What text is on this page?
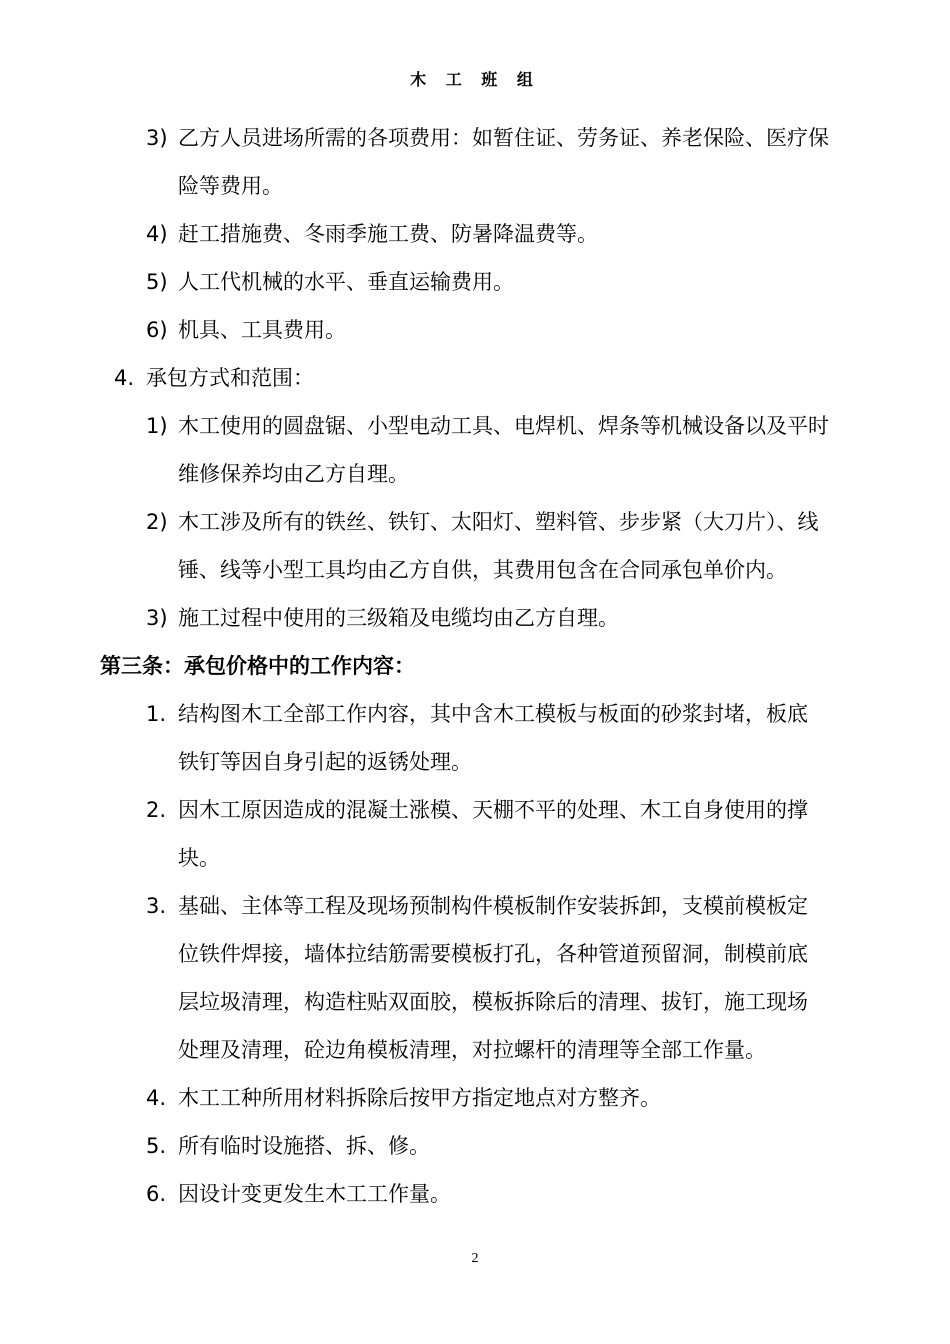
木 工 班 组
3) 乙方人员进场所需的各项费用：如暂住证、劳务证、养老保险、医疗保
险等费用。
4) 赶工措施费、冬雨季施工费、防暑降温费等。
5) 人工代机械的水平、垂直运输费用。
6) 机具、工具费用。
4. 承包方式和范围：
1) 木工使用的圆盘锯、小型电动工具、电焊机、焊条等机械设备以及平时
维修保养均由乙方自理。
2) 木工涉及所有的铁丝、铁钉、太阳灯、塑料管、步步紧（大刀片）、线
锤、线等小型工具均由乙方自供，其费用包含在合同承包单价内。
3) 施工过程中使用的三级箱及电缆均由乙方自理。
第三条：承包价格中的工作内容：
1. 结构图木工全部工作内容，其中含木工模板与板面的砂浆封堵，板底
铁钉等因自身引起的返锈处理。
2. 因木工原因造成的混凝土涨模、天棚不平的处理、木工自身使用的撑
块。
3. 基础、主体等工程及现场预制构件模板制作安装拆卸，支模前模板定
位铁件焊接，墙体拉结筋需要模板打孔，各种管道预留洞，制模前底
层垃圾清理，构造柱贴双面胶，模板拆除后的清理、拔钉，施工现场
处理及清理，砼边角模板清理，对拉螺杆的清理等全部工作量。
4. 木工工种所用材料拆除后按甲方指定地点对方整齐。
5. 所有临时设施搭、拆、修。
6. 因设计变更发生木工工作量。
2
